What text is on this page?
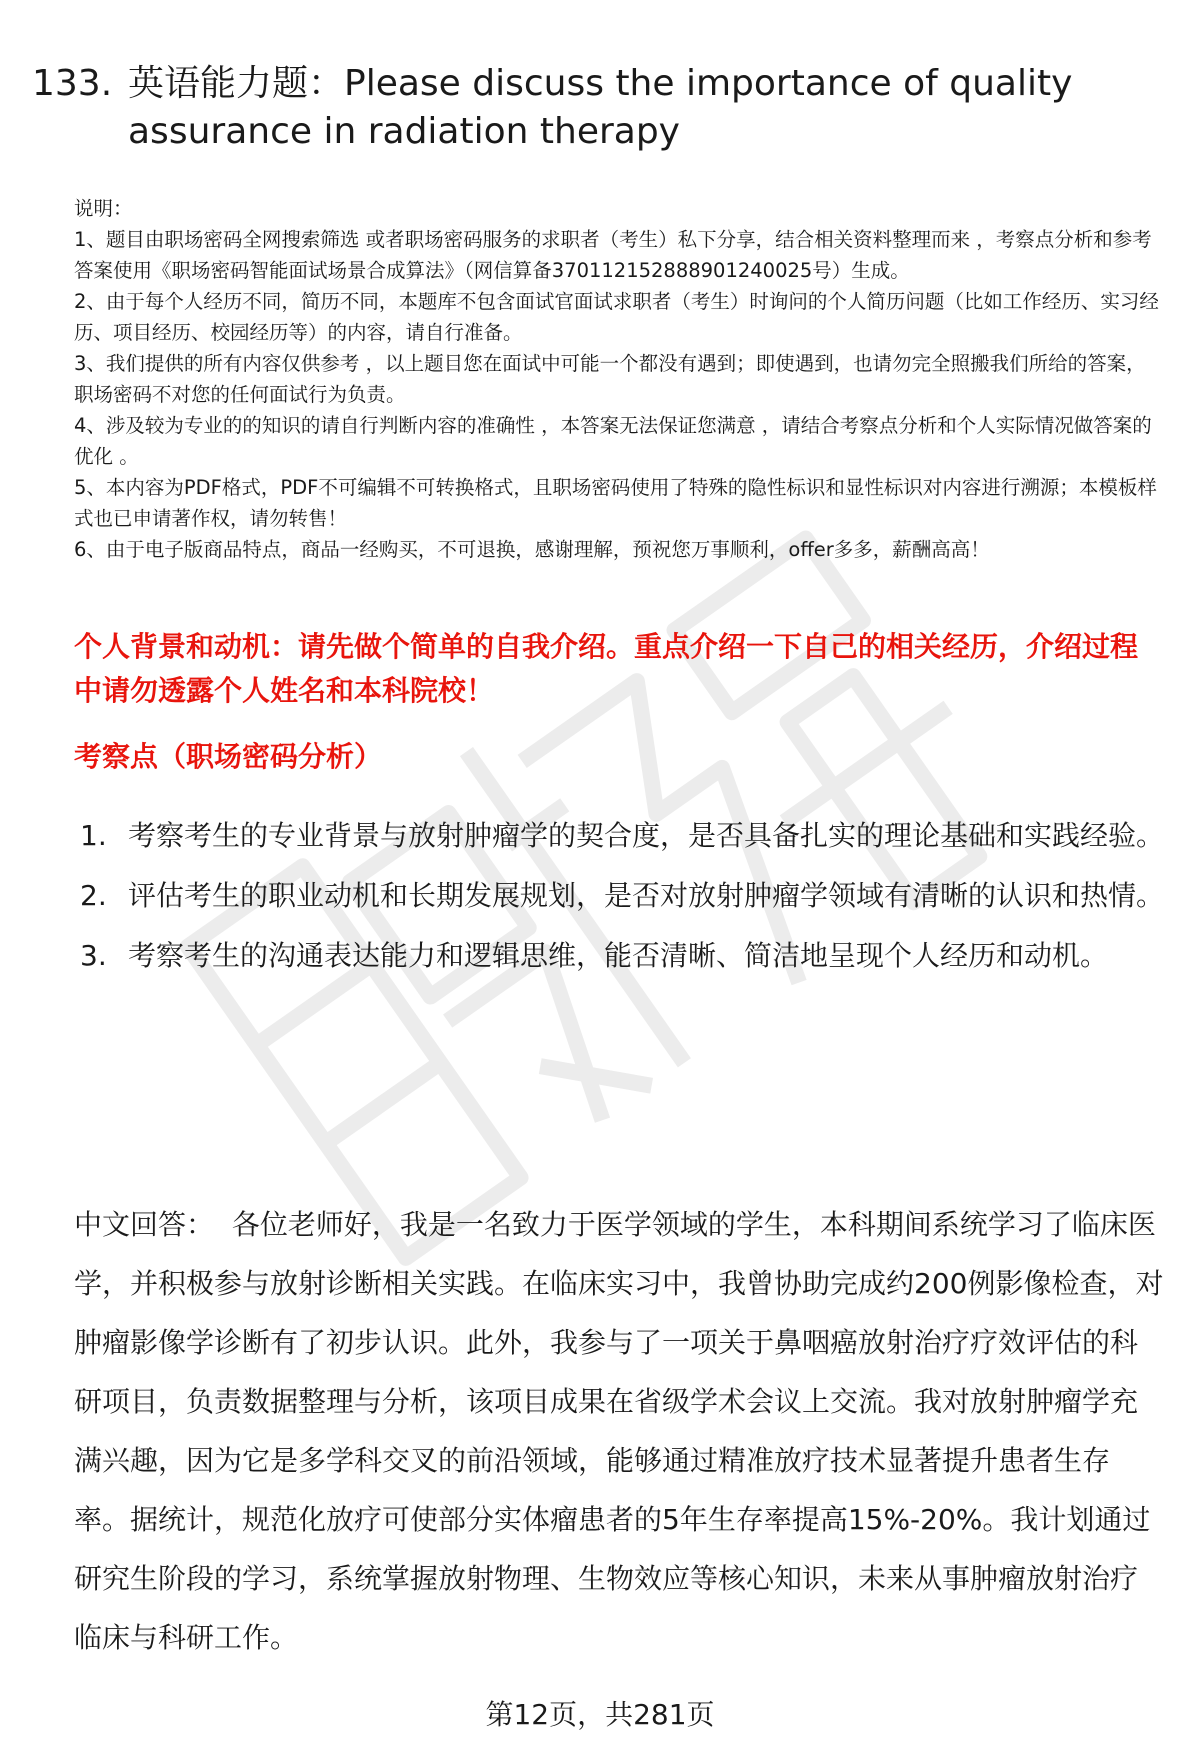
133. 英语能力题：Please discuss the importance of quality assurance in radiation therapy

说明：

1、题目由职场密码全网搜索筛选 或者职场密码服务的求职者（考生）私下分享，结合相关资料整理而来 ，考察点分析和参考答案使用《职场密码智能面试场景合成算法》（网信算备370112152888901240025号）生成。

2、由于每个人经历不同，简历不同，本题库不包含面试官面试求职者（考生）时询问的个人简历问题（比如工作经历、实习经历、项目经历、校园经历等）的内容，请自行准备。

3、我们提供的所有内容仅供参考 ，以上题目您在面试中可能一个都没有遇到；即使遇到，也请勿完全照搬我们所给的答案，职场密码不对您的任何面试行为负责。

4、涉及较为专业的的知识的请自行判断内容的准确性 ，本答案无法保证您满意 ，请结合考察点分析和个人实际情况做答案的优化 。

5、本内容为PDF格式，PDF不可编辑不可转换格式，且职场密码使用了特殊的隐性标识和显性标识对内容进行溯源；本模板样式也已申请著作权，请勿转售！

6、由于电子版商品特点，商品一经购买，不可退换，感谢理解，预祝您万事顺利，offer多多，薪酬高高！

个人背景和动机：请先做个简单的自我介绍。重点介绍一下自己的相关经历，介绍过程中请勿透露个人姓名和本科院校！
考察点（职场密码分析）
1. 考察考生的专业背景与放射肿瘤学的契合度，是否具备扎实的理论基础和实践经验。
2. 评估考生的职业动机和长期发展规划，是否对放射肿瘤学领域有清晰的认识和热情。
3. 考察考生的沟通表达能力和逻辑思维，能否清晰、简洁地呈现个人经历和动机。

中文回答： 各位老师好，我是一名致力于医学领域的学生，本科期间系统学习了临床医学，并积极参与放射诊断相关实践。在临床实习中，我曾协助完成约200例影像检查，对肿瘤影像学诊断有了初步认识。此外，我参与了一项关于鼻咽癌放射治疗疗效评估的科研项目，负责数据整理与分析，该项目成果在省级学术会议上交流。我对放射肿瘤学充满兴趣，因为它是多学科交叉的前沿领域，能够通过精准放疗技术显著提升患者生存率。据统计，规范化放疗可使部分实体瘤患者的5年生存率提高15%-20%。我计划通过研究生阶段的学习，系统掌握放射物理、生物效应等核心知识，未来从事肿瘤放射治疗临床与科研工作。

第12页，共281页
